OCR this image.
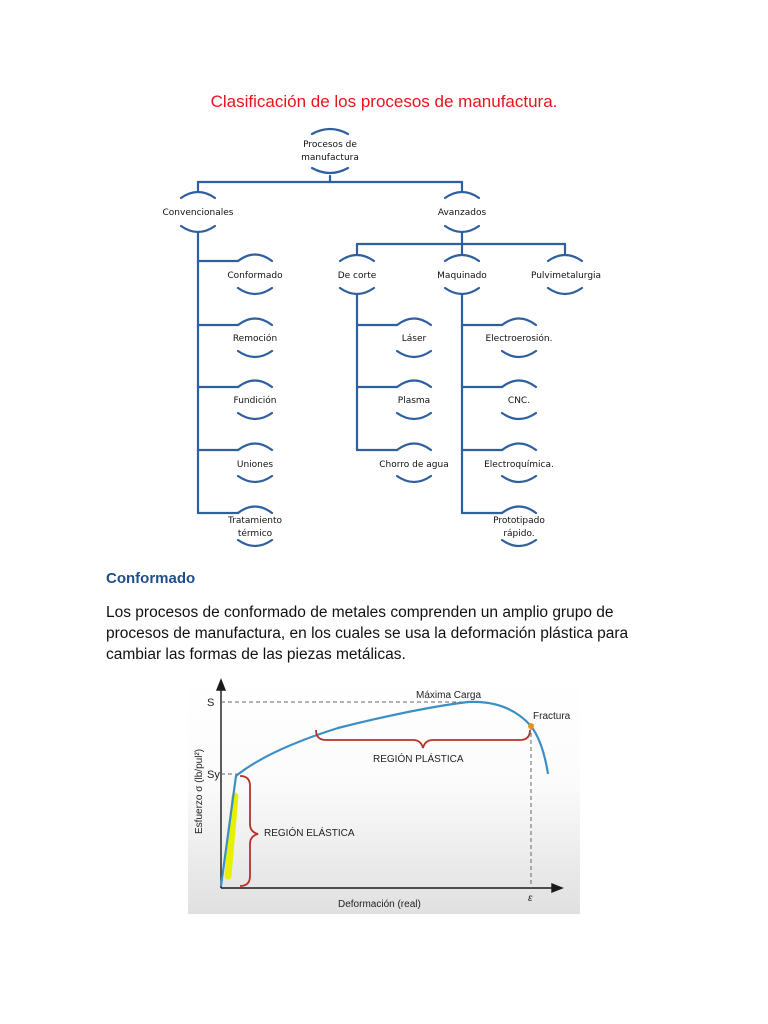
Clasificación de los procesos de manufactura.
Procesos de
manufactura
Convencionales	Avanzados
Conformado
Remoción
Fundición
Uniones
Tratamiento
térmico
De corte	Maquinado	Pulvimetalurgia
Láser
Plasma
Chorro de agua
Electroerosión.
CNC.
Electroquímica.
Prototipado
rápido.
Conformado
Los procesos de conformado de metales comprenden un amplio grupo de
procesos de manufactura, en los cuales se usa la deformación plástica para
cambiar las formas de las piezas metálicas.
S
Sy
Máxima Carga
Fractura
REGIÓN PLÁSTICA
REGIÓN ELÁSTICA
Deformación (real)
ε
Esfuerzo σ (lb/pul²)
